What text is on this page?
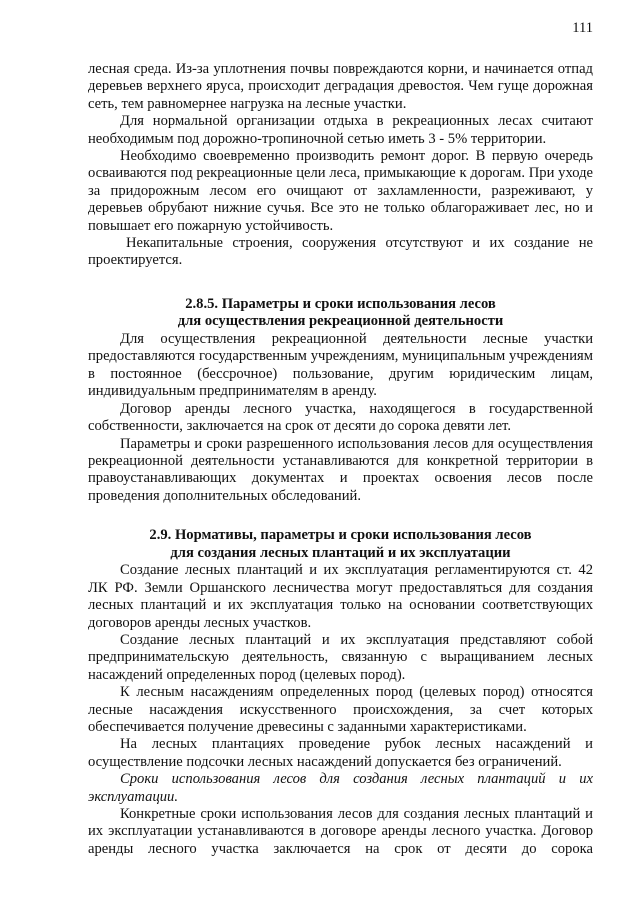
111

лесная среда. Из-за уплотнения почвы повреждаются корни, и начинается отпад деревьев верхнего яруса, происходит деградация древостоя. Чем гуще дорожная сеть, тем равномернее нагрузка на лесные участки.

Для нормальной организации отдыха в рекреационных лесах считают необходимым под дорожно-тропиночной сетью иметь 3 - 5% территории.

Необходимо своевременно производить ремонт дорог. В первую очередь осваиваются под рекреационные цели леса, примыкающие к дорогам. При уходе за придорожным лесом его очищают от захламленности, разреживают, у деревьев обрубают нижние сучья. Все это не только облагораживает лес, но и повышает его пожарную устойчивость.

Некапитальные строения, сооружения отсутствуют и их создание не проектируется.

2.8.5. Параметры и сроки использования лесов
для осуществления рекреационной деятельности

Для осуществления рекреационной деятельности лесные участки предоставляются государственным учреждениям, муниципальным учреждениям в постоянное (бессрочное) пользование, другим юридическим лицам, индивидуальным предпринимателям в аренду.

Договор аренды лесного участка, находящегося в государственной собственности, заключается на срок от десяти до сорока девяти лет.

Параметры и сроки разрешенного использования лесов для осуществления рекреационной деятельности устанавливаются для конкретной территории в правоустанавливающих документах и проектах освоения лесов после проведения дополнительных обследований.

2.9. Нормативы, параметры и сроки использования лесов
для создания лесных плантаций и их эксплуатации

Создание лесных плантаций и их эксплуатация регламентируются ст. 42 ЛК РФ. Земли Оршанского лесничества могут предоставляться для создания лесных плантаций и их эксплуатация только на основании соответствующих договоров аренды лесных участков.

Создание лесных плантаций и их эксплуатация представляют собой предпринимательскую деятельность, связанную с выращиванием лесных насаждений определенных пород (целевых пород).

К лесным насаждениям определенных пород (целевых пород) относятся лесные насаждения искусственного происхождения, за счет которых обеспечивается получение древесины с заданными характеристиками.

На лесных плантациях проведение рубок лесных насаждений и осуществление подсочки лесных насаждений допускается без ограничений.

Сроки использования лесов для создания лесных плантаций и их эксплуатации.

Конкретные сроки использования лесов для создания лесных плантаций и их эксплуатации устанавливаются в договоре аренды лесного участка. Договор аренды лесного участка заключается на срок от десяти до сорока
